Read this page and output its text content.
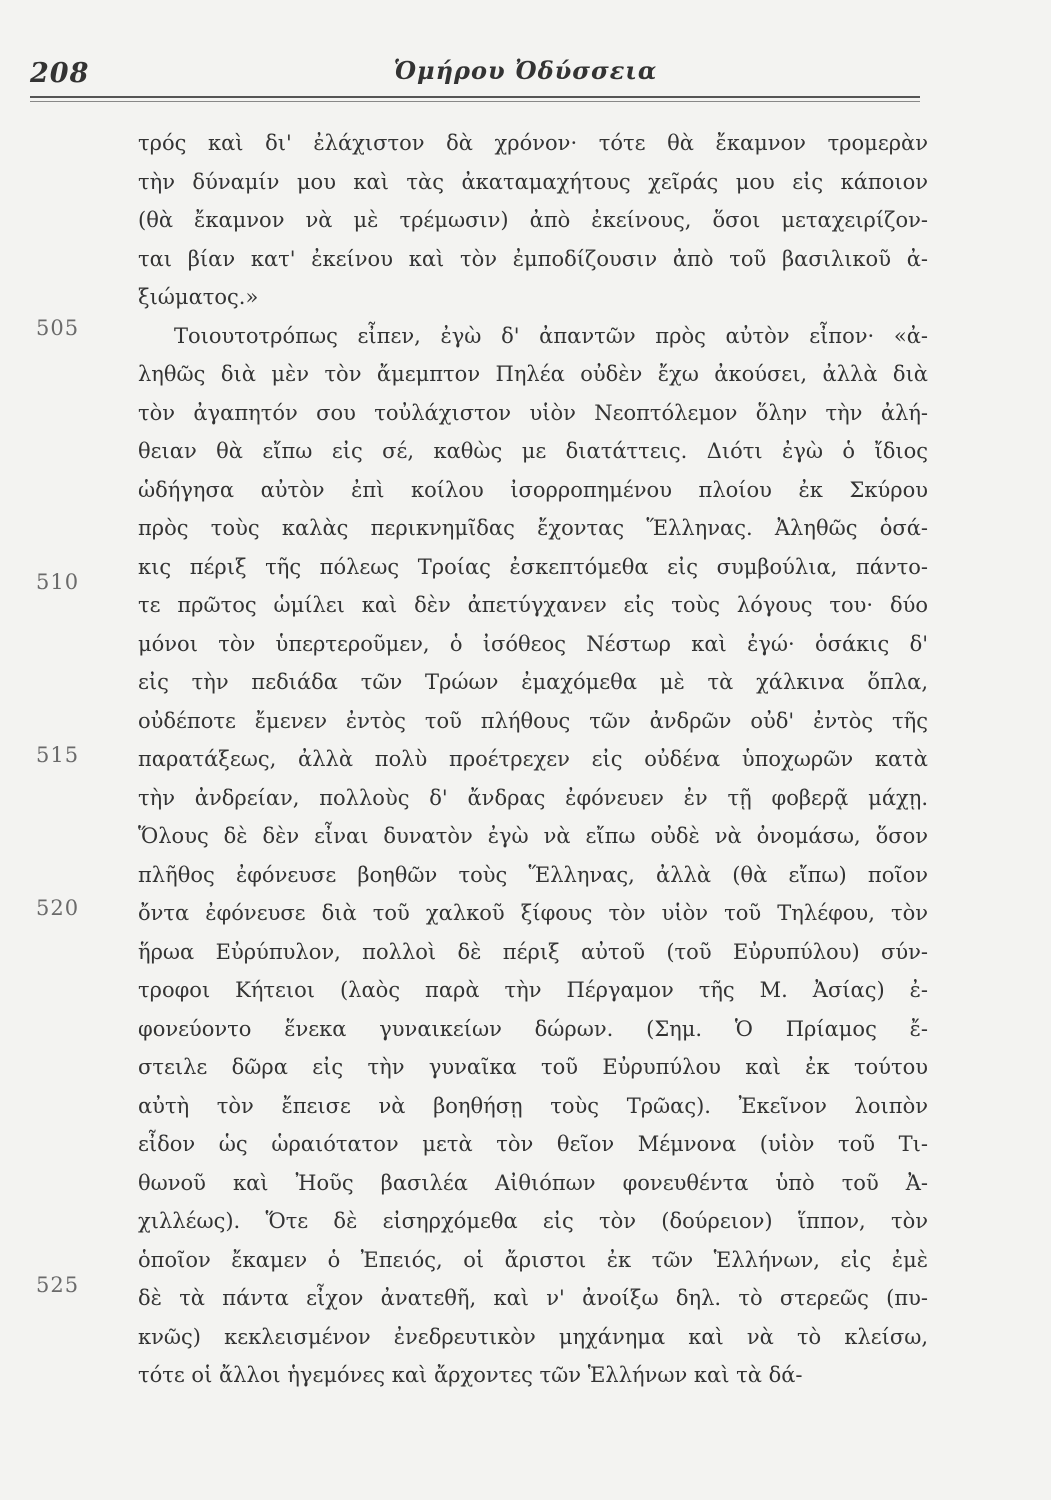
208	Ὁμήρου Ὀδύσσεια
505
510
515
520
525
τρός καὶ δι' ἐλάχιστον δὰ χρόνον· τότε θὰ ἔκαμνον τρομερὰν
τὴν δύναμίν μου καὶ τὰς ἀκαταμαχήτους χεῖράς μου εἰς κάποιον
(θὰ ἔκαμνον νὰ μὲ τρέμωσιν) ἀπὸ ἐκείνους, ὅσοι μεταχειρίζον-
ται βίαν κατ' ἐκείνου καὶ τὸν ἐμποδίζουσιν ἀπὸ τοῦ βασιλικοῦ ἀ-
ξιώματος.»
Τοιουτοτρόπως εἶπεν, ἐγὼ δ' ἀπαντῶν πρὸς αὐτὸν εἶπον· «ἀ-
ληθῶς διὰ μὲν τὸν ἄμεμπτον Πηλέα οὐδὲν ἔχω ἀκούσει, ἀλλὰ διὰ
τὸν ἀγαπητόν σου τοὐλάχιστον υἱὸν Νεοπτόλεμον ὅλην τὴν ἀλή-
θειαν θὰ εἴπω εἰς σέ, καθὼς με διατάττεις. Διότι ἐγὼ ὁ ἴδιος
ὡδήγησα αὐτὸν ἐπὶ κοίλου ἰσορροπημένου πλοίου ἐκ Σκύρου
πρὸς τοὺς καλὰς περικνημῖδας ἔχοντας Ἕλληνας. Ἀληθῶς ὁσά-
κις πέριξ τῆς πόλεως Τροίας ἐσκεπτόμεθα εἰς συμβούλια, πάντο-
τε πρῶτος ὡμίλει καὶ δὲν ἀπετύγχανεν εἰς τοὺς λόγους του· δύο
μόνοι τὸν ὑπερτεροῦμεν, ὁ ἰσόθεος Νέστωρ καὶ ἐγώ· ὁσάκις δ'
εἰς τὴν πεδιάδα τῶν Τρώων ἐμαχόμεθα μὲ τὰ χάλκινα ὅπλα,
οὐδέποτε ἔμενεν ἐντὸς τοῦ πλήθους τῶν ἀνδρῶν οὐδ' ἐντὸς τῆς
παρατάξεως, ἀλλὰ πολὺ προέτρεχεν εἰς οὐδένα ὑποχωρῶν κατὰ
τὴν ἀνδρείαν, πολλοὺς δ' ἄνδρας ἐφόνευεν ἐν τῇ φοβερᾷ μάχῃ.
Ὅλους δὲ δὲν εἶναι δυνατὸν ἐγὼ νὰ εἴπω οὐδὲ νὰ ὀνομάσω, ὅσον
πλῆθος ἐφόνευσε βοηθῶν τοὺς Ἕλληνας, ἀλλὰ (θὰ εἴπω) ποῖον
ὄντα ἐφόνευσε διὰ τοῦ χαλκοῦ ξίφους τὸν υἱὸν τοῦ Τηλέφου, τὸν
ἥρωα Εὐρύπυλον, πολλοὶ δὲ πέριξ αὐτοῦ (τοῦ Εὐρυπύλου) σύν-
τροφοι Κήτειοι (λαὸς παρὰ τὴν Πέργαμον τῆς Μ. Ἀσίας) ἐ-
φονεύοντο ἕνεκα γυναικείων δώρων. (Σημ. Ὁ Πρίαμος ἔ-
στειλε δῶρα εἰς τὴν γυναῖκα τοῦ Εὐρυπύλου καὶ ἐκ τούτου
αὐτὴ τὸν ἔπεισε νὰ βοηθήσῃ τοὺς Τρῶας). Ἐκεῖνον λοιπὸν
εἶδον ὡς ὡραιότατον μετὰ τὸν θεῖον Μέμνονα (υἱὸν τοῦ Τι-
θωνοῦ καὶ Ἠοῦς βασιλέα Αἰθιόπων φονευθέντα ὑπὸ τοῦ Ἀ-
χιλλέως). Ὅτε δὲ εἰσηρχόμεθα εἰς τὸν (δούρειον) ἵππον, τὸν
ὁποῖον ἔκαμεν ὁ Ἐπειός, οἱ ἄριστοι ἐκ τῶν Ἑλλήνων, εἰς ἐμὲ
δὲ τὰ πάντα εἶχον ἀνατεθῆ, καὶ ν' ἀνοίξω δηλ. τὸ στερεῶς (πυ-
κνῶς) κεκλεισμένον ἐνεδρευτικὸν μηχάνημα καὶ νὰ τὸ κλείσω,
τότε οἱ ἄλλοι ἡγεμόνες καὶ ἄρχοντες τῶν Ἑλλήνων καὶ τὰ δά-
